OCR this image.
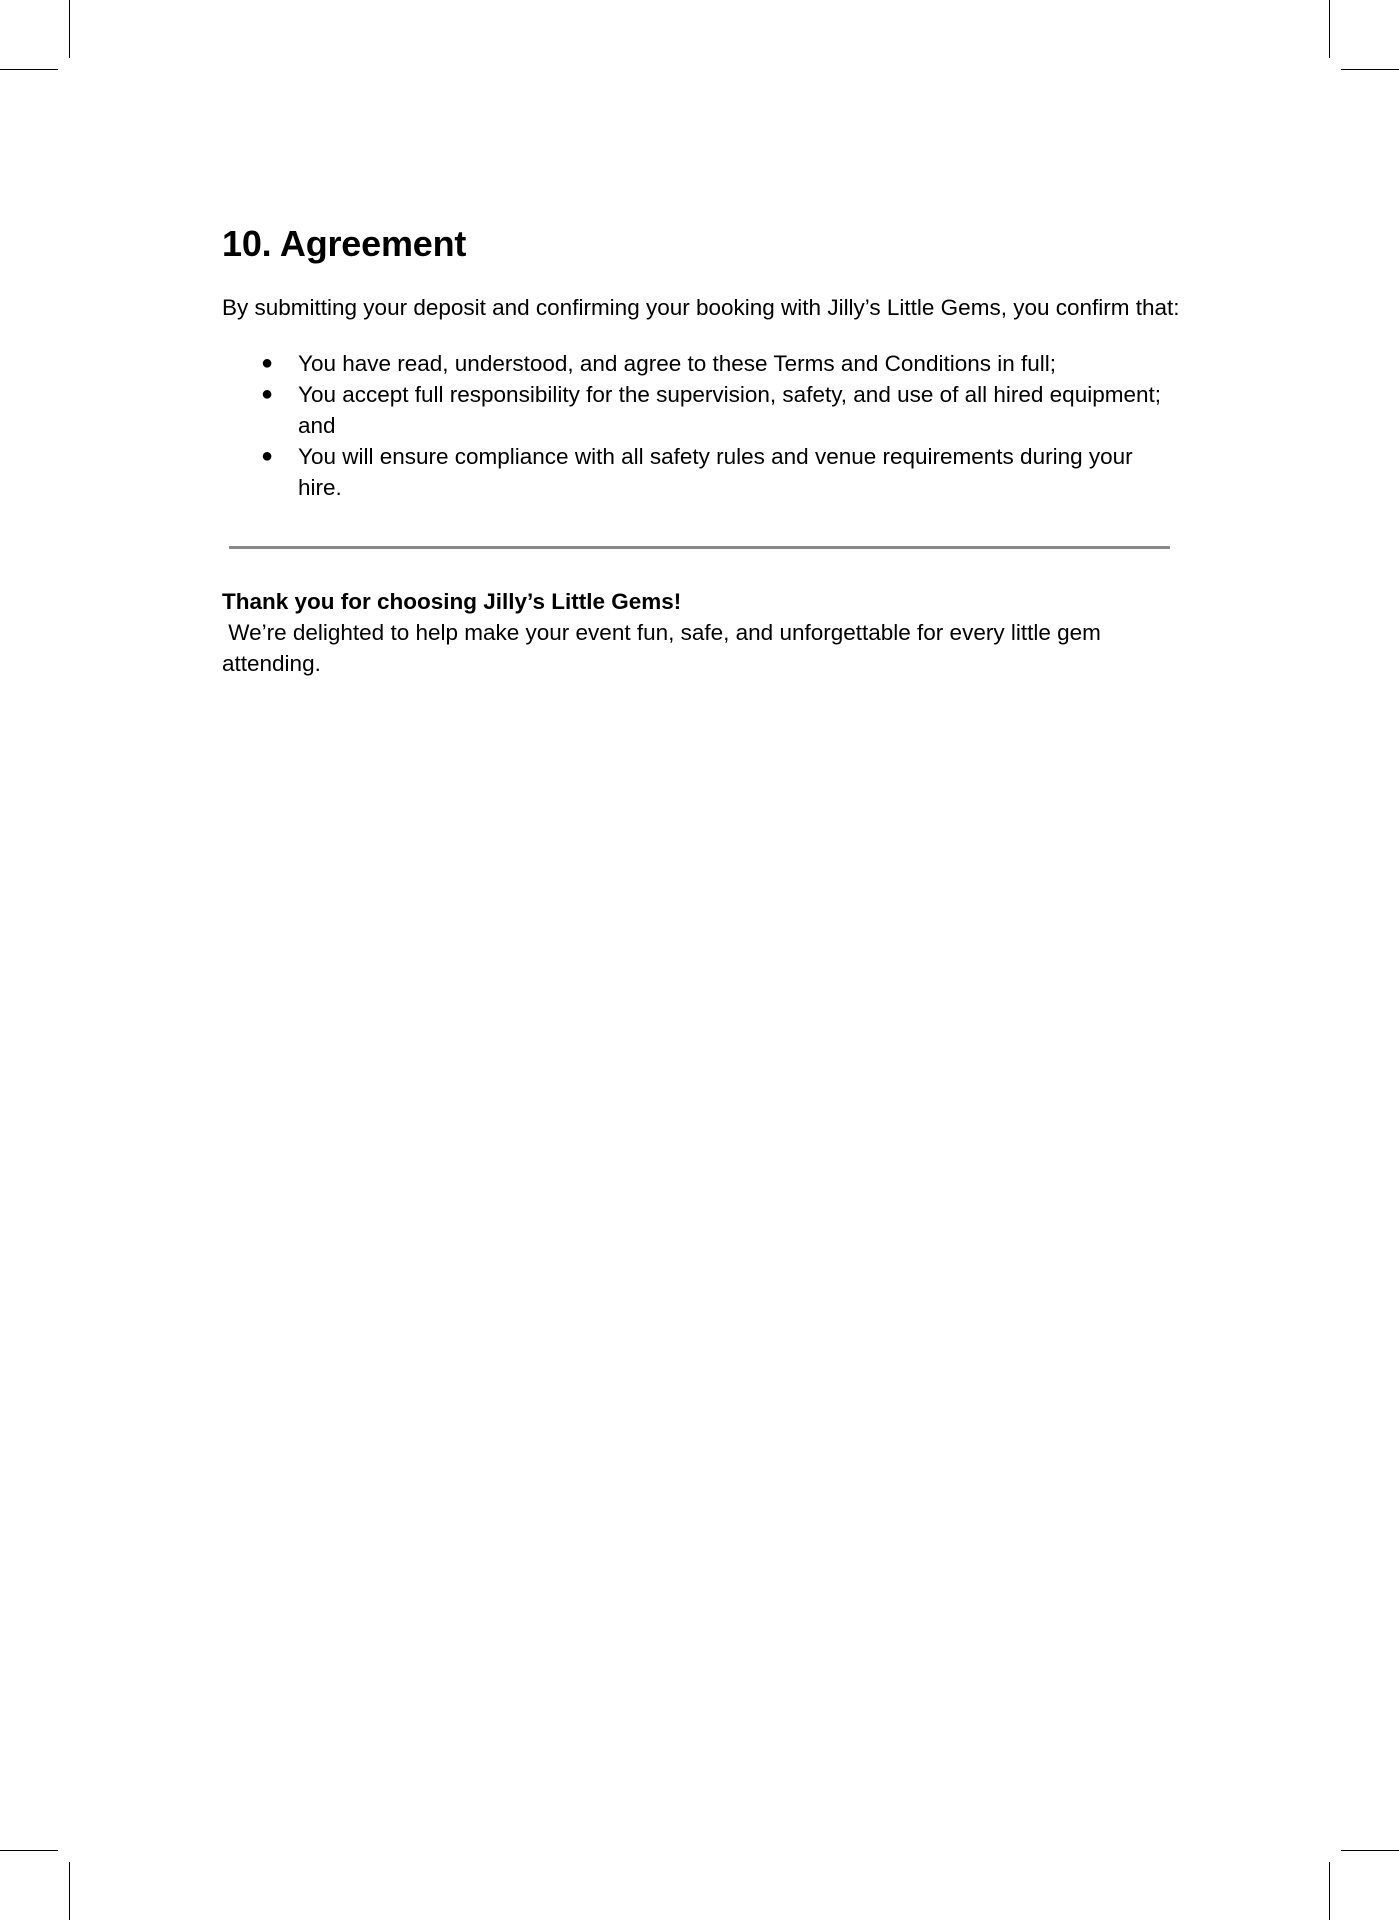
10. Agreement

By submitting your deposit and confirming your booking with Jilly’s Little Gems, you confirm that:

● You have read, understood, and agree to these Terms and Conditions in full;
● You accept full responsibility for the supervision, safety, and use of all hired equipment; and
● You will ensure compliance with all safety rules and venue requirements during your hire.
Thank you for choosing Jilly’s Little Gems!
We’re delighted to help make your event fun, safe, and unforgettable for every little gem attending.
